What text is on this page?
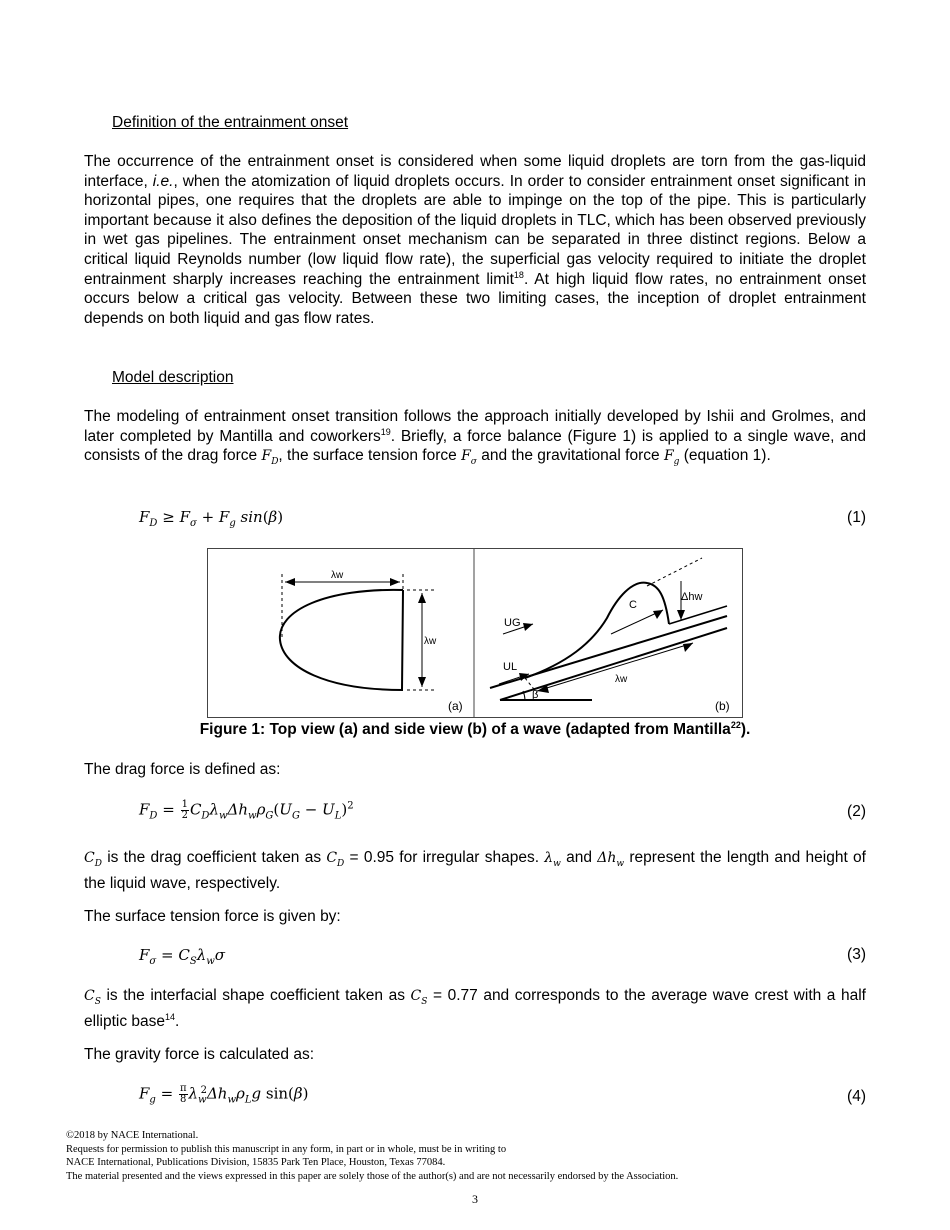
Definition of the entrainment onset
The occurrence of the entrainment onset is considered when some liquid droplets are torn from the gas-liquid interface, i.e., when the atomization of liquid droplets occurs. In order to consider entrainment onset significant in horizontal pipes, one requires that the droplets are able to impinge on the top of the pipe. This is particularly important because it also defines the deposition of the liquid droplets in TLC, which has been observed previously in wet gas pipelines. The entrainment onset mechanism can be separated in three distinct regions. Below a critical liquid Reynolds number (low liquid flow rate), the superficial gas velocity required to initiate the droplet entrainment sharply increases reaching the entrainment limit$^{18}$. At high liquid flow rates, no entrainment onset occurs below a critical gas velocity. Between these two limiting cases, the inception of droplet entrainment depends on both liquid and gas flow rates.
Model description
The modeling of entrainment onset transition follows the approach initially developed by Ishii and Grolmes, and later completed by Mantilla and coworkers$^{19}$. Briefly, a force balance (Figure 1) is applied to a single wave, and consists of the drag force $F_D$, the surface tension force $F_\sigma$ and the gravitational force $F_g$ (equation 1).
$F_D \ge F_\sigma + F_g$ sin(β)	(1)
λw
λw
(a)
UG
UL
C
Δhw
λw
β
(b)
Figure 1: Top view (a) and side view (b) of a wave (adapted from Mantilla$^{22}$).
The drag force is defined as:
$F_D = \frac{1}{2} C_D\lambda_w\Delta h_w\rho_G(U_G - U_L)^2$	(2)
$C_D$ is the drag coefficient taken as $C_D = 0.95$ for irregular shapes. $\lambda_w$ and $\Delta h_w$ represent the length and height of the liquid wave, respectively.
The surface tension force is given by:
$F_\sigma = C_S\lambda_w\sigma$	(3)
$C_S$ is the interfacial shape coefficient taken as $C_S = 0.77$ and corresponds to the average wave crest with a half elliptic base$^{14}$.
The gravity force is calculated as:
$F_g = \frac{\pi}{8} \lambda_w^2\Delta h_w\rho_Lg$ sin(β)	(4)
©2018 by NACE International.
Requests for permission to publish this manuscript in any form, in part or in whole, must be in writing to
NACE International, Publications Division, 15835 Park Ten Place, Houston, Texas 77084.
The material presented and the views expressed in this paper are solely those of the author(s) and are not necessarily endorsed by the Association.
3
